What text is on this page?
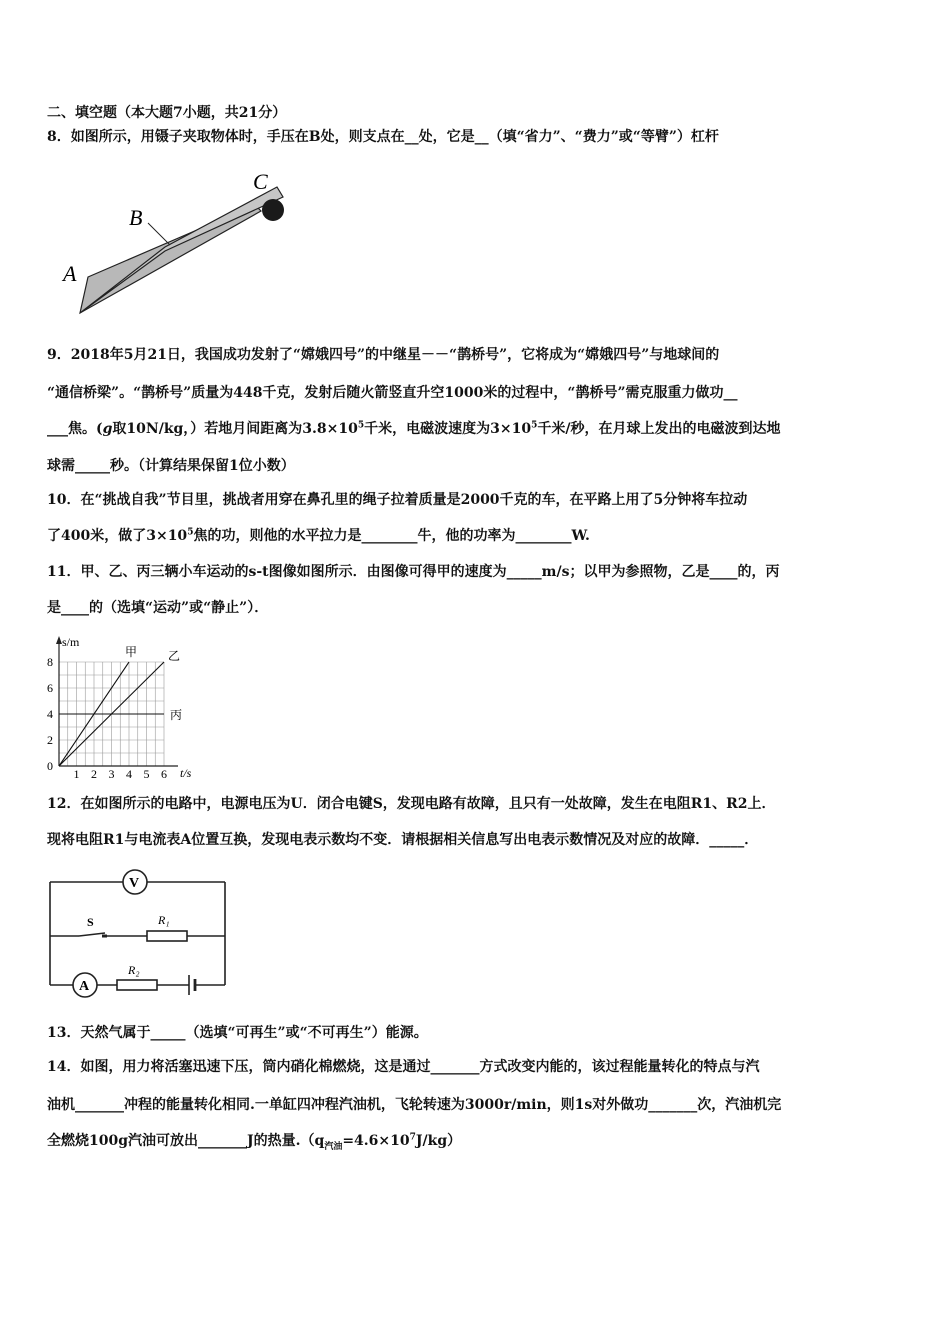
二、填空题（本大题7小题，共21分）
8．如图所示，用镊子夹取物体时，手压在B处，则支点在__处，它是__（填“省力”、“费力”或“等臂”）杠杆
A
B
C
9．2018年5月21日，我国成功发射了“嫦娥四号”的中继星－－“鹊桥号”，它将成为“嫦娥四号”与地球间的
“通信桥梁”。“鹊桥号”质量为448千克，发射后随火箭竖直升空1000米的过程中，“鹊桥号”需克服重力做功__
___焦。(g取10N/kg，）若地月间距离为$3.8\times 10^5$千米，电磁波速度为$3\times 10^5$千米/秒，在月球上发出的电磁波到达地
球需_____秒。（计算结果保留1位小数）
10．在“挑战自我”节目里，挑战者用穿在鼻孔里的绳子拉着质量是2000千克的车，在平路上用了5分钟将车拉动
了400米，做了$3\times 10^5$焦的功，则他的水平拉力是________牛，他的功率为________W.
11．甲、乙、丙三辆小车运动的s-t图像如图所示．由图像可得甲的速度为_____m/s；以甲为参照物，乙是____的，丙
是____的（选填“运动”或“静止”）．
甲	乙
丙
1 2 3 4 5 6
0
2
4
6
8
s/m
t/s
12．在如图所示的电路中，电源电压为U．闭合电键S，发现电路有故障，且只有一处故障，发生在电阻R1、R2上．
现将电阻R1与电流表A位置互换，发现电表示数均不变．请根据相关信息写出电表示数情况及对应的故障．_____．
V
A
S	R₁
R₂
13．天然气属于_____（选填“可再生”或“不可再生”）能源。
14．如图，用力将活塞迅速下压，筒内硝化棉燃烧，这是通过_______方式改变内能的，该过程能量转化的特点与汽
油机_______冲程的能量转化相同.一单缸四冲程汽油机，飞轮转速为3000r/min，则1s对外做功_______次，汽油机完
全燃烧100g汽油可放出_______J的热量$.(q_{汽油}=4.6\times 10^7J/kg)$
